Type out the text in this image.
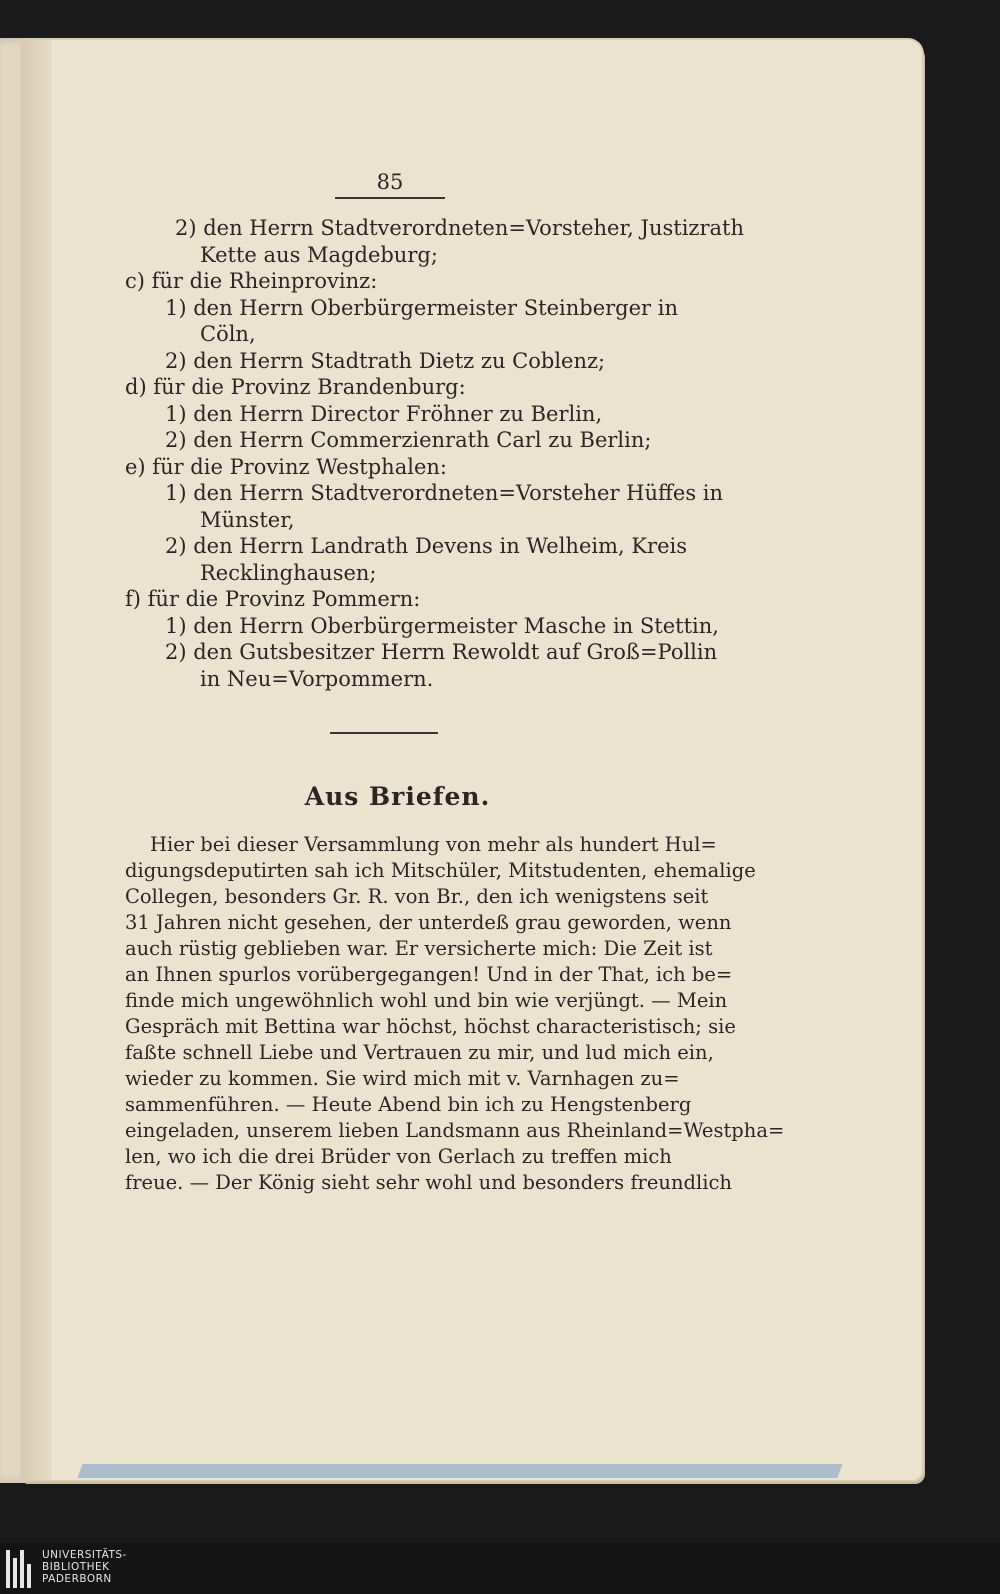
85
2) den Herrn Stadtverordneten=Vorsteher, Justizrath
Kette aus Magdeburg;
c) für die Rheinprovinz:
1) den Herrn Oberbürgermeister Steinberger in
Cöln,
2) den Herrn Stadtrath Dietz zu Coblenz;
d) für die Provinz Brandenburg:
1) den Herrn Director Fröhner zu Berlin,
2) den Herrn Commerzienrath Carl zu Berlin;
e) für die Provinz Westphalen:
1) den Herrn Stadtverordneten=Vorsteher Hüffes in
Münster,
2) den Herrn Landrath Devens in Welheim, Kreis
Recklinghausen;
f) für die Provinz Pommern:
1) den Herrn Oberbürgermeister Masche in Stettin,
2) den Gutsbesitzer Herrn Rewoldt auf Groß=Pollin
in Neu=Vorpommern.
Aus Briefen.
Hier bei dieser Versammlung von mehr als hundert Hul=
digungsdeputirten sah ich Mitschüler, Mitstudenten, ehemalige
Collegen, besonders Gr. R. von Br., den ich wenigstens seit
31 Jahren nicht gesehen, der unterdeß grau geworden, wenn
auch rüstig geblieben war. Er versicherte mich: Die Zeit ist
an Ihnen spurlos vorübergegangen! Und in der That, ich be=
finde mich ungewöhnlich wohl und bin wie verjüngt. — Mein
Gespräch mit Bettina war höchst, höchst characteristisch; sie
faßte schnell Liebe und Vertrauen zu mir, und lud mich ein,
wieder zu kommen. Sie wird mich mit v. Varnhagen zu=
sammenführen. — Heute Abend bin ich zu Hengstenberg
eingeladen, unserem lieben Landsmann aus Rheinland=Westpha=
len, wo ich die drei Brüder von Gerlach zu treffen mich
freue. — Der König sieht sehr wohl und besonders freundlich
UNIVERSITÄTS-
BIBLIOTHEK
PADERBORN
